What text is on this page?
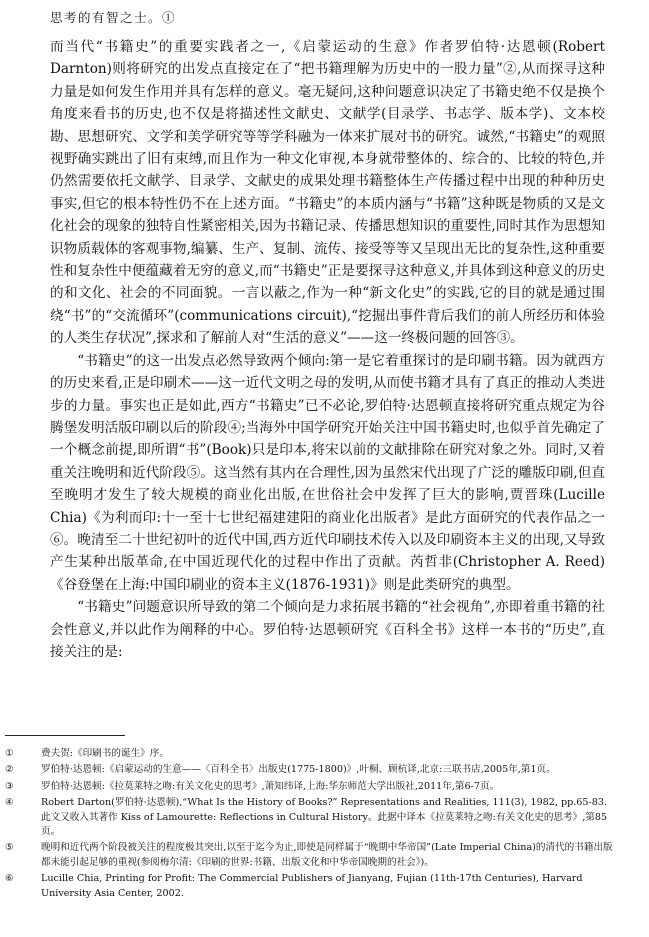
思考的有智之士。①

而当代“书籍史”的重要实践者之一,《启蒙运动的生意》作者罗伯特·达恩顿(Robert Darnton)则将研究的出发点直接定在了“把书籍理解为历史中的一股力量”②,从而探寻这种力量是如何发生作用并具有怎样的意义。毫无疑问,这种问题意识决定了书籍史绝不仅是换个角度来看书的历史,也不仅是将描述性文献史、文献学(目录学、书志学、版本学)、文本校勘、思想研究、文学和美学研究等等学科融为一体来扩展对书的研究。诚然,“书籍史”的观照视野确实跳出了旧有束缚,而且作为一种文化审视,本身就带整体的、综合的、比较的特色,并仍然需要依托文献学、目录学、文献史的成果处理书籍整体生产传播过程中出现的种种历史事实,但它的根本特性仍不在上述方面。“书籍史”的本质内涵与“书籍”这种既是物质的又是文化社会的现象的独特自性紧密相关,因为书籍记录、传播思想知识的重要性,同时其作为思想知识物质载体的客观事物,编纂、生产、复制、流传、接受等等又呈现出无比的复杂性,这种重要性和复杂性中便蕴藏着无穷的意义,而“书籍史”正是要探寻这种意义,并具体到这种意义的历史的和文化、社会的不同面貌。一言以蔽之,作为一种“新文化史”的实践,它的目的就是通过围绕“书”的“交流循环”(communications circuit),“挖掘出事件背后我们的前人所经历和体验的人类生存状况”,探求和了解前人对“生活的意义”——这一终极问题的回答③。

“书籍史”的这一出发点必然导致两个倾向:第一是它着重探讨的是印刷书籍。因为就西方的历史来看,正是印刷术——这一近代文明之母的发明,从而使书籍才具有了真正的推动人类进步的力量。事实也正是如此,西方“书籍史”已不必论,罗伯特·达恩顿直接将研究重点规定为谷腾堡发明活版印刷以后的阶段④;当海外中国学研究开始关注中国书籍史时,也似乎首先确定了一个概念前提,即所谓“书”(Book)只是印本,将宋以前的文献排除在研究对象之外。同时,又着重关注晚明和近代阶段⑤。这当然有其内在合理性,因为虽然宋代出现了广泛的雕版印刷,但直至晚明才发生了较大规模的商业化出版,在世俗社会中发挥了巨大的影响,贾晋珠(Lucille Chia)《为利而印:十一至十七世纪福建建阳的商业化出版者》是此方面研究的代表作品之一⑥。晚清至二十世纪初叶的近代中国,西方近代印刷技术传入以及印刷资本主义的出现,又导致产生某种出版革命,在中国近现代化的过程中作出了贡献。芮哲非(Christopher A. Reed)《谷登堡在上海:中国印刷业的资本主义(1876-1931)》则是此类研究的典型。

“书籍史”问题意识所导致的第二个倾向是力求拓展书籍的“社会视角”,亦即着重书籍的社会性意义,并以此作为阐释的中心。罗伯特·达恩顿研究《百科全书》这样一本书的“历史”,直接关注的是:

①	费夫贺:《印刷书的诞生》序。
②	罗伯特·达恩顿:《启蒙运动的生意——〈百科全书〉出版史(1775-1800)》,叶桐、顾杭译,北京:三联书店,2005年,第1页。
③	罗伯特·达恩顿:《拉莫莱特之吻:有关文化史的思考》,萧知纬译,上海:华东师范大学出版社,2011年,第6-7页。
④	Robert Darton(罗伯特·达恩顿),“What Is the History of Books?” Representations and Realities, 111(3), 1982, pp.65-83. 此文又收入其著作 Kiss of Lamourette: Reflections in Cultural History。此据中译本《拉莫莱特之吻:有关文化史的思考》,第85页。
⑤	晚明和近代两个阶段被关注的程度极其突出,以至于迄今为止,即使是同样属于“晚期中华帝国”(Late Imperial China)的清代的书籍出版都未能引起足够的重视(参阅梅尔清:《印刷的世界:书籍、出版文化和中华帝国晚期的社会》)。
⑥	Lucille Chia, Printing for Profit: The Commercial Publishers of Jianyang, Fujian (11th-17th Centuries), Harvard University Asia Center, 2002.
